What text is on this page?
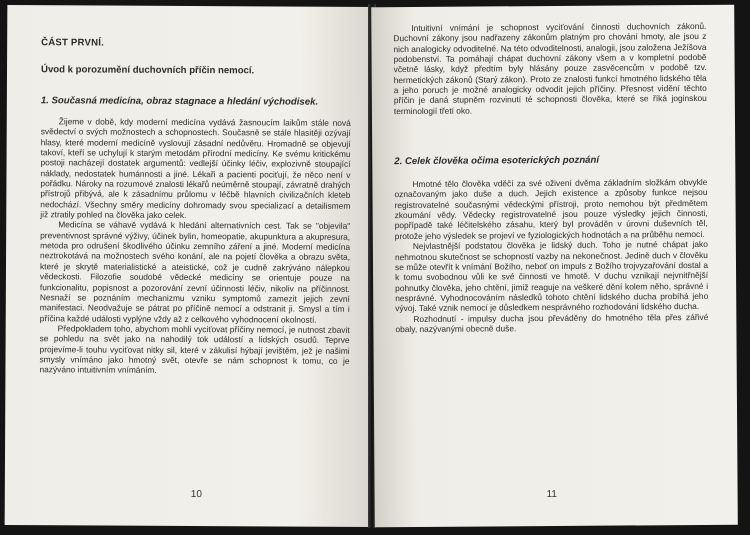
ČÁST PRVNÍ.
Úvod k porozumění duchovních příčin nemocí.
1. Současná medicína, obraz stagnace a hledání východisek.

Žijeme v době, kdy moderní medicína vydává žasnoucím laikům stále nová svědectví o svých možnostech a schopnostech. Současně se stále hlasitěji ozývají hlasy, které moderní medicíně vyslovují zásadní nedůvěru. Hromadně se objevují takoví, kteří se uchylují k starým metodám přírodní medicíny. Ke svému kritickému postoji nacházejí dostatek argumentů: vedlejší účinky léčiv, explozivně stoupající náklady, nedostatek humánnosti a jiné. Lékaři a pacienti pociťují, že něco není v pořádku. Nároky na rozumové znalosti lékařů neúměrně stoupají, závratně drahých přístrojů přibývá, ale k zásadnímu průlomu v léčbě hlavních civilizačních kleteb nedochází. Všechny směry medicíny dohromady svou specializací a detailismem již ztratily pohled na člověka jako celek.

Medicína se váhavě vydává k hledání alternativních cest. Tak se "objevila" preventivnost správné výživy, účinek bylin, homeopatie, akupunktura a akupresura, metoda pro odrušení škodlivého účinku zemního záření a jiné. Moderní medicína neztrokotává na možnostech svého konání, ale na pojetí člověka a obrazu světa, které je skrytě materialistické a ateistické, což je cudně zakrýváno nálepkou vědeckosti. Filozofie soudobé vědecké medicíny se orientuje pouze na funkcionalitu, popisnost a pozorování zevní účinnosti léčiv, nikoliv na příčinnost. Nesnaží se poznáním mechanizmu vzniku symptomů zamezit jejich zevní manifestaci. Neodvažuje se pátrat po příčině nemocí a odstranit ji. Smysl a tím i příčina každé události vyplýne vždy až z celkového vyhodnocení okolností.

Předpokladem toho, abychom mohli vyciťovat příčiny nemocí, je nutnost zbavit se pohledu na svět jako na nahodilý tok událostí a lidských osudů. Teprve projevíme-li touhu vyciťovat nitky sil, které v zákulisí hýbají jevištěm, jež je našimi smysly vnímáno jako hmotný svět, otevře se nám schopnost k tomu, co je nazýváno intuitivním vnímáním.

10

Intuitivní vnímání je schopnost vyciťování činnosti duchovních zákonů. Duchovní zákony jsou nadřazeny zákonům platným pro chování hmoty, ale jsou z nich analogicky odvoditelné. Na této odvoditelnosti, analogii, jsou založena Ježíšova podobenství. Ta pomáhají chápat duchovní zákony všem a v kompletní podobě včetně lásky, když předtím byly hlásány pouze zasvěcencům v podobě tzv. hermetických zákonů (Starý zákon). Proto ze znalosti funkcí hmotného lidského těla a jeho poruch je možné analogicky odvodit jejich příčiny. Přesnost vidění těchto příčin je daná stupněm rozvinutí té schopnosti člověka, které se říká joginskou terminologií třetí oko.

2. Celek člověka očima esoterických poznání

Hmotné tělo člověka vděčí za své oživení dvěma základním složkám obvykle označovaným jako duše a duch. Jejich existence a způsoby funkce nejsou registrovatelné současnými vědeckými přístroji, proto nemohou být předmětem zkoumání vědy. Vědecky registrovatelné jsou pouze výsledky jejich činnosti, popřípadě také léčitelského zásahu, který byl prováděn v úrovni duševních těl, protože jeho výsledek se projeví ve fyziologických hodnotách a na průběhu nemocí.

Nejvlastnější podstatou člověka je lidský duch. Toho je nutné chápat jako nehmotnou skutečnost se schopností vazby na nekonečnost. Jedině duch v člověku se může otevřít k vnímání Božího, neboť on impuls z Božího trojvyzařování dostal a k tomu svobodnou vůli ke své činnosti ve hmotě. V duchu vznikají nejvnitřnější pohnutky člověka, jeho chtění, jimiž reaguje na veškeré dění kolem něho, správné i nesprávné. Vyhodnocováním následků tohoto chtění lidského ducha probíhá jeho vývoj. Také vznik nemocí je důsledkem nesprávného rozhodování lidského ducha.

Rozhodnutí - impulsy ducha jsou převáděny do hmotného těla přes zářivé obaly, nazývanými obecně duše.

11
